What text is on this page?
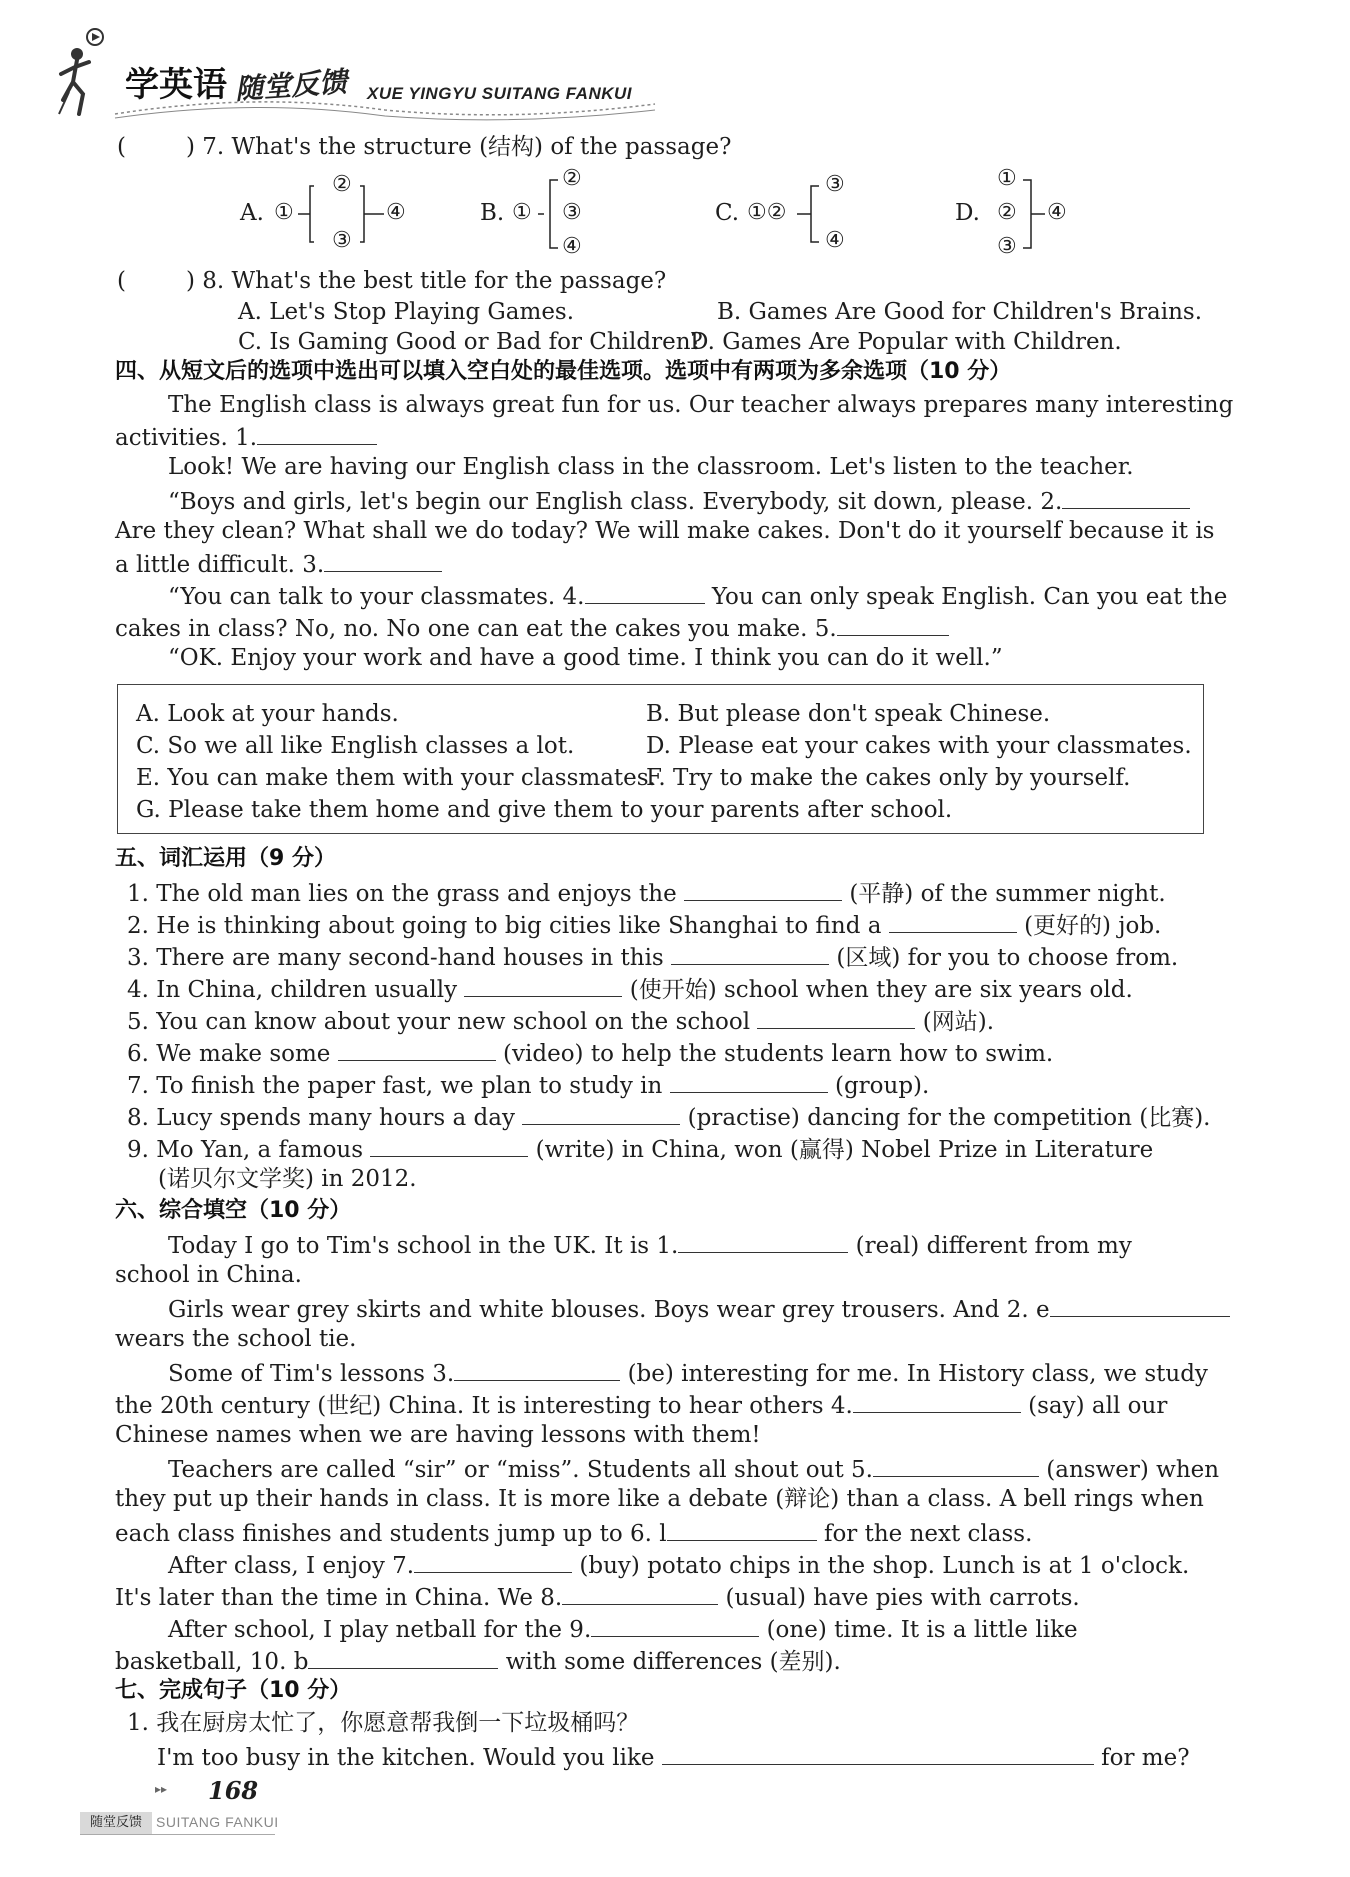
学英语 随堂反馈 XUE YINGYU SUITANG FANKUI
(	) 7. What's the structure (结构) of the passage?
A. ①
②
③
④	B. ①
②
③
④
C. ①②
③
④
D.
①
②
③
④
(	) 8. What's the best title for the passage?
A. Let's Stop Playing Games.	B. Games Are Good for Children's Brains.
C. Is Gaming Good or Bad for Children?
D. Games Are Popular with Children.
四、从短文后的选项中选出可以填入空白处的最佳选项。选项中有两项为多余选项（10 分）
The English class is always great fun for us. Our teacher always prepares many interesting
activities. 1.
Look! We are having our English class in the classroom. Let's listen to the teacher.
“Boys and girls, let's begin our English class. Everybody, sit down, please. 2.
Are they clean? What shall we do today? We will make cakes. Don't do it yourself because it is
a little difficult. 3.
“You can talk to your classmates. 4.	You can only speak English. Can you eat the
cakes in class? No, no. No one can eat the cakes you make. 5.
“OK. Enjoy your work and have a good time. I think you can do it well.”
A. Look at your hands.	B. But please don't speak Chinese.
C. So we all like English classes a lot.	D. Please eat your cakes with your classmates.
E. You can make them with your classmates.
F. Try to make the cakes only by yourself.
G. Please take them home and give them to your parents after school.
五、词汇运用（9 分）
1. The old man lies on the grass and enjoys the	(平静) of the summer night.
2. He is thinking about going to big cities like Shanghai to find a	(更好的) job.
3. There are many second-hand houses in this	(区域) for you to choose from.
4. In China, children usually	(使开始) school when they are six years old.
5. You can know about your new school on the school	(网站).
6. We make some	(video) to help the students learn how to swim.
7. To finish the paper fast, we plan to study in	(group).
8. Lucy spends many hours a day	(practise) dancing for the competition (比赛).
9. Mo Yan, a famous	(write) in China, won (赢得) Nobel Prize in Literature
(诺贝尔文学奖) in 2012.
六、综合填空（10 分）
Today I go to Tim's school in the UK. It is 1.	(real) different from my
school in China.
Girls wear grey skirts and white blouses. Boys wear grey trousers. And 2. e
wears the school tie.
Some of Tim's lessons 3.	(be) interesting for me. In History class, we study
the 20th century (世纪) China. It is interesting to hear others 4.	(say) all our
Chinese names when we are having lessons with them!
Teachers are called “sir” or “miss”. Students all shout out 5.	(answer) when
they put up their hands in class. It is more like a debate (辩论) than a class. A bell rings when
each class finishes and students jump up to 6. l	for the next class.
After class, I enjoy 7.	(buy) potato chips in the shop. Lunch is at 1 o'clock.
It's later than the time in China. We 8.	(usual) have pies with carrots.
After school, I play netball for the 9.	(one) time. It is a little like
basketball, 10. b	with some differences (差别).
七、完成句子（10 分）
1. 我在厨房太忙了，你愿意帮我倒一下垃圾桶吗？
I'm too busy in the kitchen. Would you like	for me?
▸▸ 168
随堂反馈	SUITANG FANKUI
